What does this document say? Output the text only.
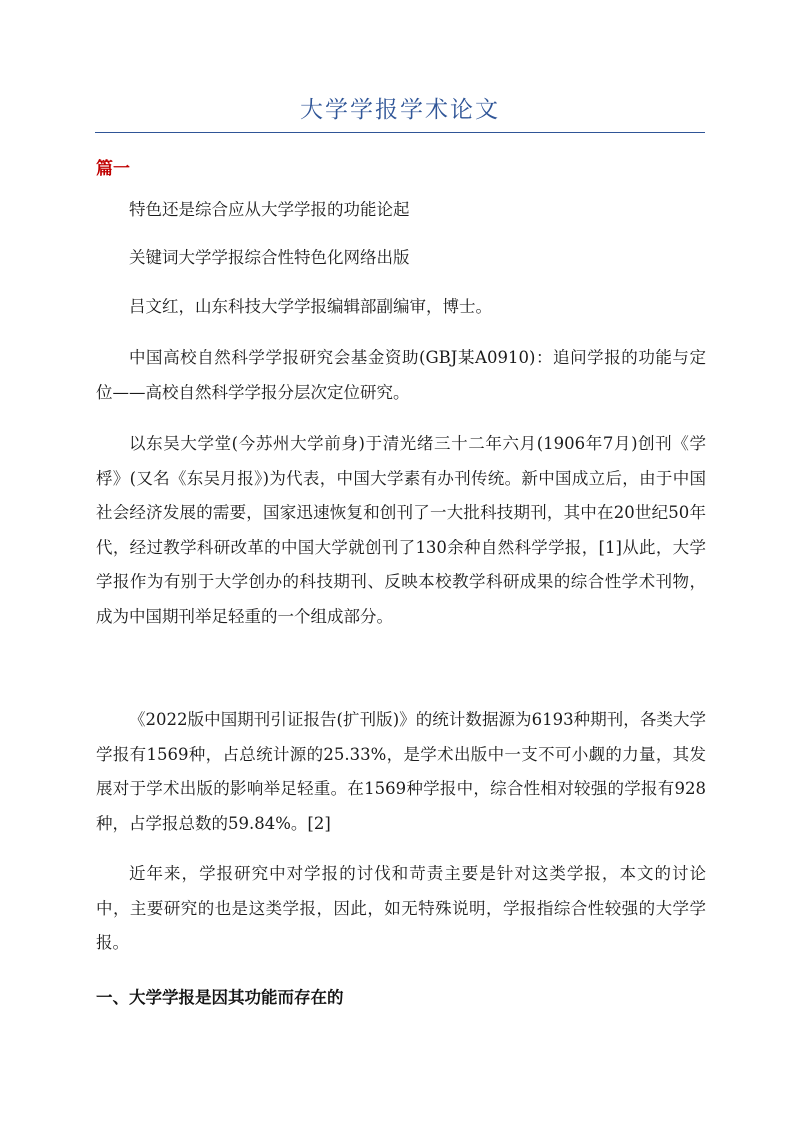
大学学报学术论文
篇一

特色还是综合应从大学学报的功能论起

关键词大学学报综合性特色化网络出版

吕文红，山东科技大学学报编辑部副编审，博士。

中国高校自然科学学报研究会基金资助(GBJ某A0910)：追问学报的功能与定位——高校自然科学学报分层次定位研究。

以东吴大学堂(今苏州大学前身)于清光绪三十二年六月(1906年7月)创刊《学桴》(又名《东吴月报》)为代表，中国大学素有办刊传统。新中国成立后，由于中国社会经济发展的需要，国家迅速恢复和创刊了一大批科技期刊，其中在20世纪50年代，经过教学科研改革的中国大学就创刊了130余种自然科学学报，[1]从此，大学学报作为有别于大学创办的科技期刊、反映本校教学科研成果的综合性学术刊物，成为中国期刊举足轻重的一个组成部分。

《2022版中国期刊引证报告(扩刊版)》的统计数据源为6193种期刊，各类大学学报有1569种，占总统计源的25.33%，是学术出版中一支不可小觑的力量，其发展对于学术出版的影响举足轻重。在1569种学报中，综合性相对较强的学报有928种，占学报总数的59.84%。[2]

近年来，学报研究中对学报的讨伐和苛责主要是针对这类学报，本文的讨论中，主要研究的也是这类学报，因此，如无特殊说明，学报指综合性较强的大学学报。

一、大学学报是因其功能而存在的
